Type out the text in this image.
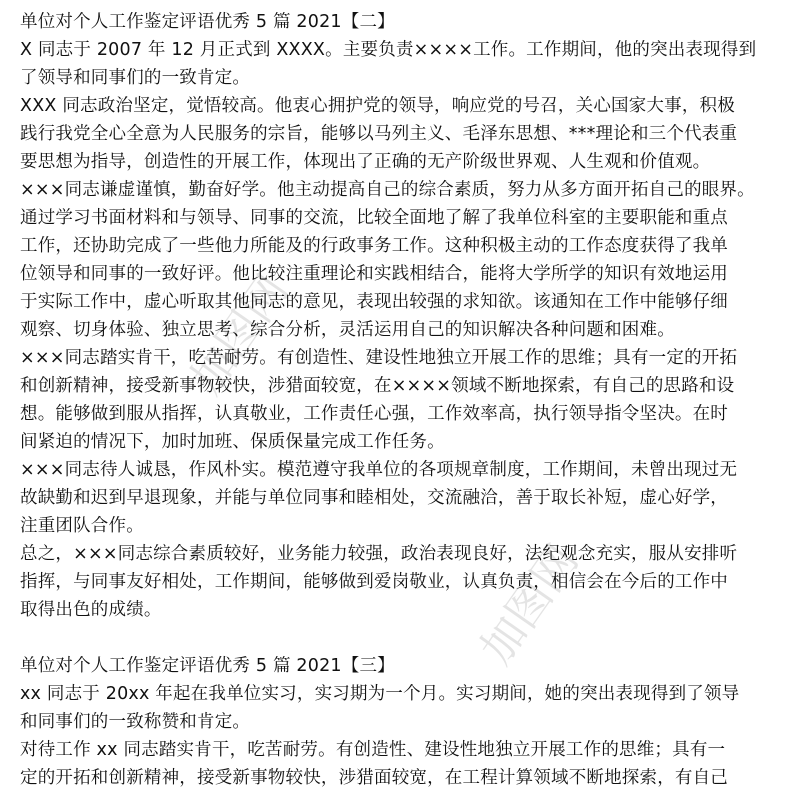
加图网
加图网
单位对个人工作鉴定评语优秀 5 篇 2021【二】
X 同志于 2007 年 12 月正式到 XXXX。主要负责××××工作。工作期间，他的突出表现得到
了领导和同事们的一致肯定。
XXX 同志政治坚定，觉悟较高。他衷心拥护党的领导，响应党的号召，关心国家大事，积极
践行我党全心全意为人民服务的宗旨，能够以马列主义、毛泽东思想、***理论和三个代表重
要思想为指导，创造性的开展工作，体现出了正确的无产阶级世界观、人生观和价值观。
×××同志谦虚谨慎，勤奋好学。他主动提高自己的综合素质，努力从多方面开拓自己的眼界。
通过学习书面材料和与领导、同事的交流，比较全面地了解了我单位科室的主要职能和重点
工作，还协助完成了一些他力所能及的行政事务工作。这种积极主动的工作态度获得了我单
位领导和同事的一致好评。他比较注重理论和实践相结合，能将大学所学的知识有效地运用
于实际工作中，虚心听取其他同志的意见，表现出较强的求知欲。该通知在工作中能够仔细
观察、切身体验、独立思考、综合分析，灵活运用自己的知识解决各种问题和困难。
×××同志踏实肯干，吃苦耐劳。有创造性、建设性地独立开展工作的思维；具有一定的开拓
和创新精神，接受新事物较快，涉猎面较宽，在××××领域不断地探索，有自己的思路和设
想。能够做到服从指挥，认真敬业，工作责任心强，工作效率高，执行领导指令坚决。在时
间紧迫的情况下，加时加班、保质保量完成工作任务。
×××同志待人诚恳，作风朴实。模范遵守我单位的各项规章制度，工作期间，未曾出现过无
故缺勤和迟到早退现象，并能与单位同事和睦相处，交流融洽，善于取长补短，虚心好学，
注重团队合作。
总之，×××同志综合素质较好，业务能力较强，政治表现良好，法纪观念充实，服从安排听
指挥，与同事友好相处，工作期间，能够做到爱岗敬业，认真负责，相信会在今后的工作中
取得出色的成绩。
单位对个人工作鉴定评语优秀 5 篇 2021【三】
xx 同志于 20xx 年起在我单位实习，实习期为一个月。实习期间，她的突出表现得到了领导
和同事们的一致称赞和肯定。
对待工作 xx 同志踏实肯干，吃苦耐劳。有创造性、建设性地独立开展工作的思维；具有一
定的开拓和创新精神，接受新事物较快，涉猎面较宽，在工程计算领域不断地探索，有自己
